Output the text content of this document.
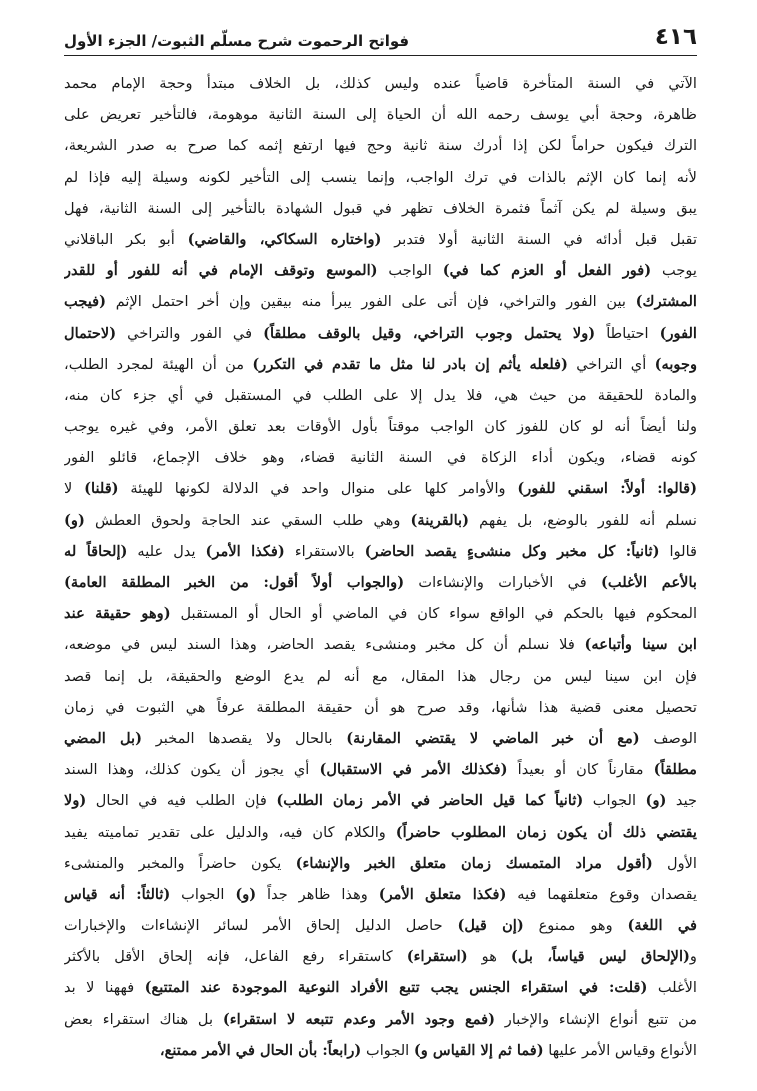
٤١٦
فواتح الرحموت شرح مسلّم الثبوت/ الجزء الأول
الآتي في السنة المتأخرة قاضياً عنده وليس كذلك، بل الخلاف مبتدأ وحجة الإمام محمد
ظاهرة، وحجة أبي يوسف رحمه الله أن الحياة إلى السنة الثانية موهومة، فالتأخير تعريض على
الترك فيكون حراماً لكن إذا أدرك سنة ثانية وحج فيها ارتفع إثمه كما صرح به صدر الشريعة،
لأنه إنما كان الإثم بالذات في ترك الواجب، وإنما ينسب إلى التأخير لكونه وسيلة إليه فإذا لم
يبق وسيلة لم يكن آثماً فثمرة الخلاف تظهر في قبول الشهادة بالتأخير إلى السنة الثانية، فهل
تقبل قبل أدائه في السنة الثانية أولا فتدبر (واختاره السكاكي، والقاضي) أبو بكر الباقلاني
يوجب (فور الفعل أو العزم كما في) الواجب (الموسع وتوقف الإمام في أنه للفور أو للقدر
المشترك) بين الفور والتراخي، فإن أتى على الفور يبرأ منه بيقين وإن أخر احتمل الإثم (فيجب
الفور) احتياطاً (ولا يحتمل وجوب التراخي، وقيل بالوقف مطلقاً) في الفور والتراخي (لاحتمال
وجوبه) أي التراخي (فلعله يأثم إن بادر لنا مثل ما تقدم في التكرر) من أن الهيئة لمجرد الطلب،
والمادة للحقيقة من حيث هي، فلا يدل إلا على الطلب في المستقبل في أي جزء كان منه،
ولنا أيضاً أنه لو كان للفوز كان الواجب موقتاً بأول الأوقات بعد تعلق الأمر، وفي غيره يوجب
كونه قضاء، ويكون أداء الزكاة في السنة الثانية قضاء، وهو خلاف الإجماع، قائلو الفور
(قالوا: أولاً: اسقني للفور) والأوامر كلها على منوال واحد في الدلالة لكونها للهيئة (قلنا) لا
نسلم أنه للفور بالوضع، بل يفهم (بالقرينة) وهي طلب السقي عند الحاجة ولحوق العطش (و)
قالوا (ثانياً: كل مخبر وكل منشىءٍ يقصد الحاضر) بالاستقراء (فكذا الأمر) يدل عليه (إلحاقاً له
بالأعم الأغلب) في الأخبارات والإنشاءات (والجواب أولاً أقول: من الخبر المطلقة العامة)
المحكوم فيها بالحكم في الواقع سواء كان في الماضي أو الحال أو المستقبل (وهو حقيقة عند
ابن سينا وأتباعه) فلا نسلم أن كل مخبر ومنشىء يقصد الحاضر، وهذا السند ليس في موضعه،
فإن ابن سينا ليس من رجال هذا المقال، مع أنه لم يدع الوضع والحقيقة، بل إنما قصد
تحصيل معنى قضية هذا شأنها، وقد صرح هو أن حقيقة المطلقة عرفاً هي الثبوت في زمان
الوصف (مع أن خبر الماضي لا يقتضي المقارنة) بالحال ولا يقصدها المخبر (بل المضي
مطلقاً) مقارناً كان أو بعيداً (فكذلك الأمر في الاستقبال) أي يجوز أن يكون كذلك، وهذا السند
جيد (و) الجواب (ثانياً كما قيل الحاضر في الأمر زمان الطلب) فإن الطلب فيه في الحال (ولا
يقتضي ذلك أن يكون زمان المطلوب حاضراً) والكلام كان فيه، والدليل على تقدير تماميته يفيد
الأول (أقول مراد المتمسك زمان متعلق الخبر والإنشاء) يكون حاضراً والمخبر والمنشىء
يقصدان وقوع متعلقهما فيه (فكذا متعلق الأمر) وهذا ظاهر جداً (و) الجواب (ثالثاً: أنه قياس
في اللغة) وهو ممنوع (إن قيل) حاصل الدليل إلحاق الأمر لسائر الإنشاءات والإخبارات
و(الإلحاق ليس قياساً، بل) هو (استقراء) كاستقراء رفع الفاعل، فإنه إلحاق الأقل بالأكثر
الأغلب (قلت: في استقراء الجنس يجب تتبع الأفراد النوعية الموجودة عند المتتبع) فههنا لا بد
من تتبع أنواع الإنشاء والإخبار (فمع وجود الأمر وعدم تتبعه لا استقراء) بل هناك استقراء بعض
الأنواع وقياس الأمر عليها (فما ثم إلا القياس و) الجواب (رابعاً: بأن الحال في الأمر ممتنع،
